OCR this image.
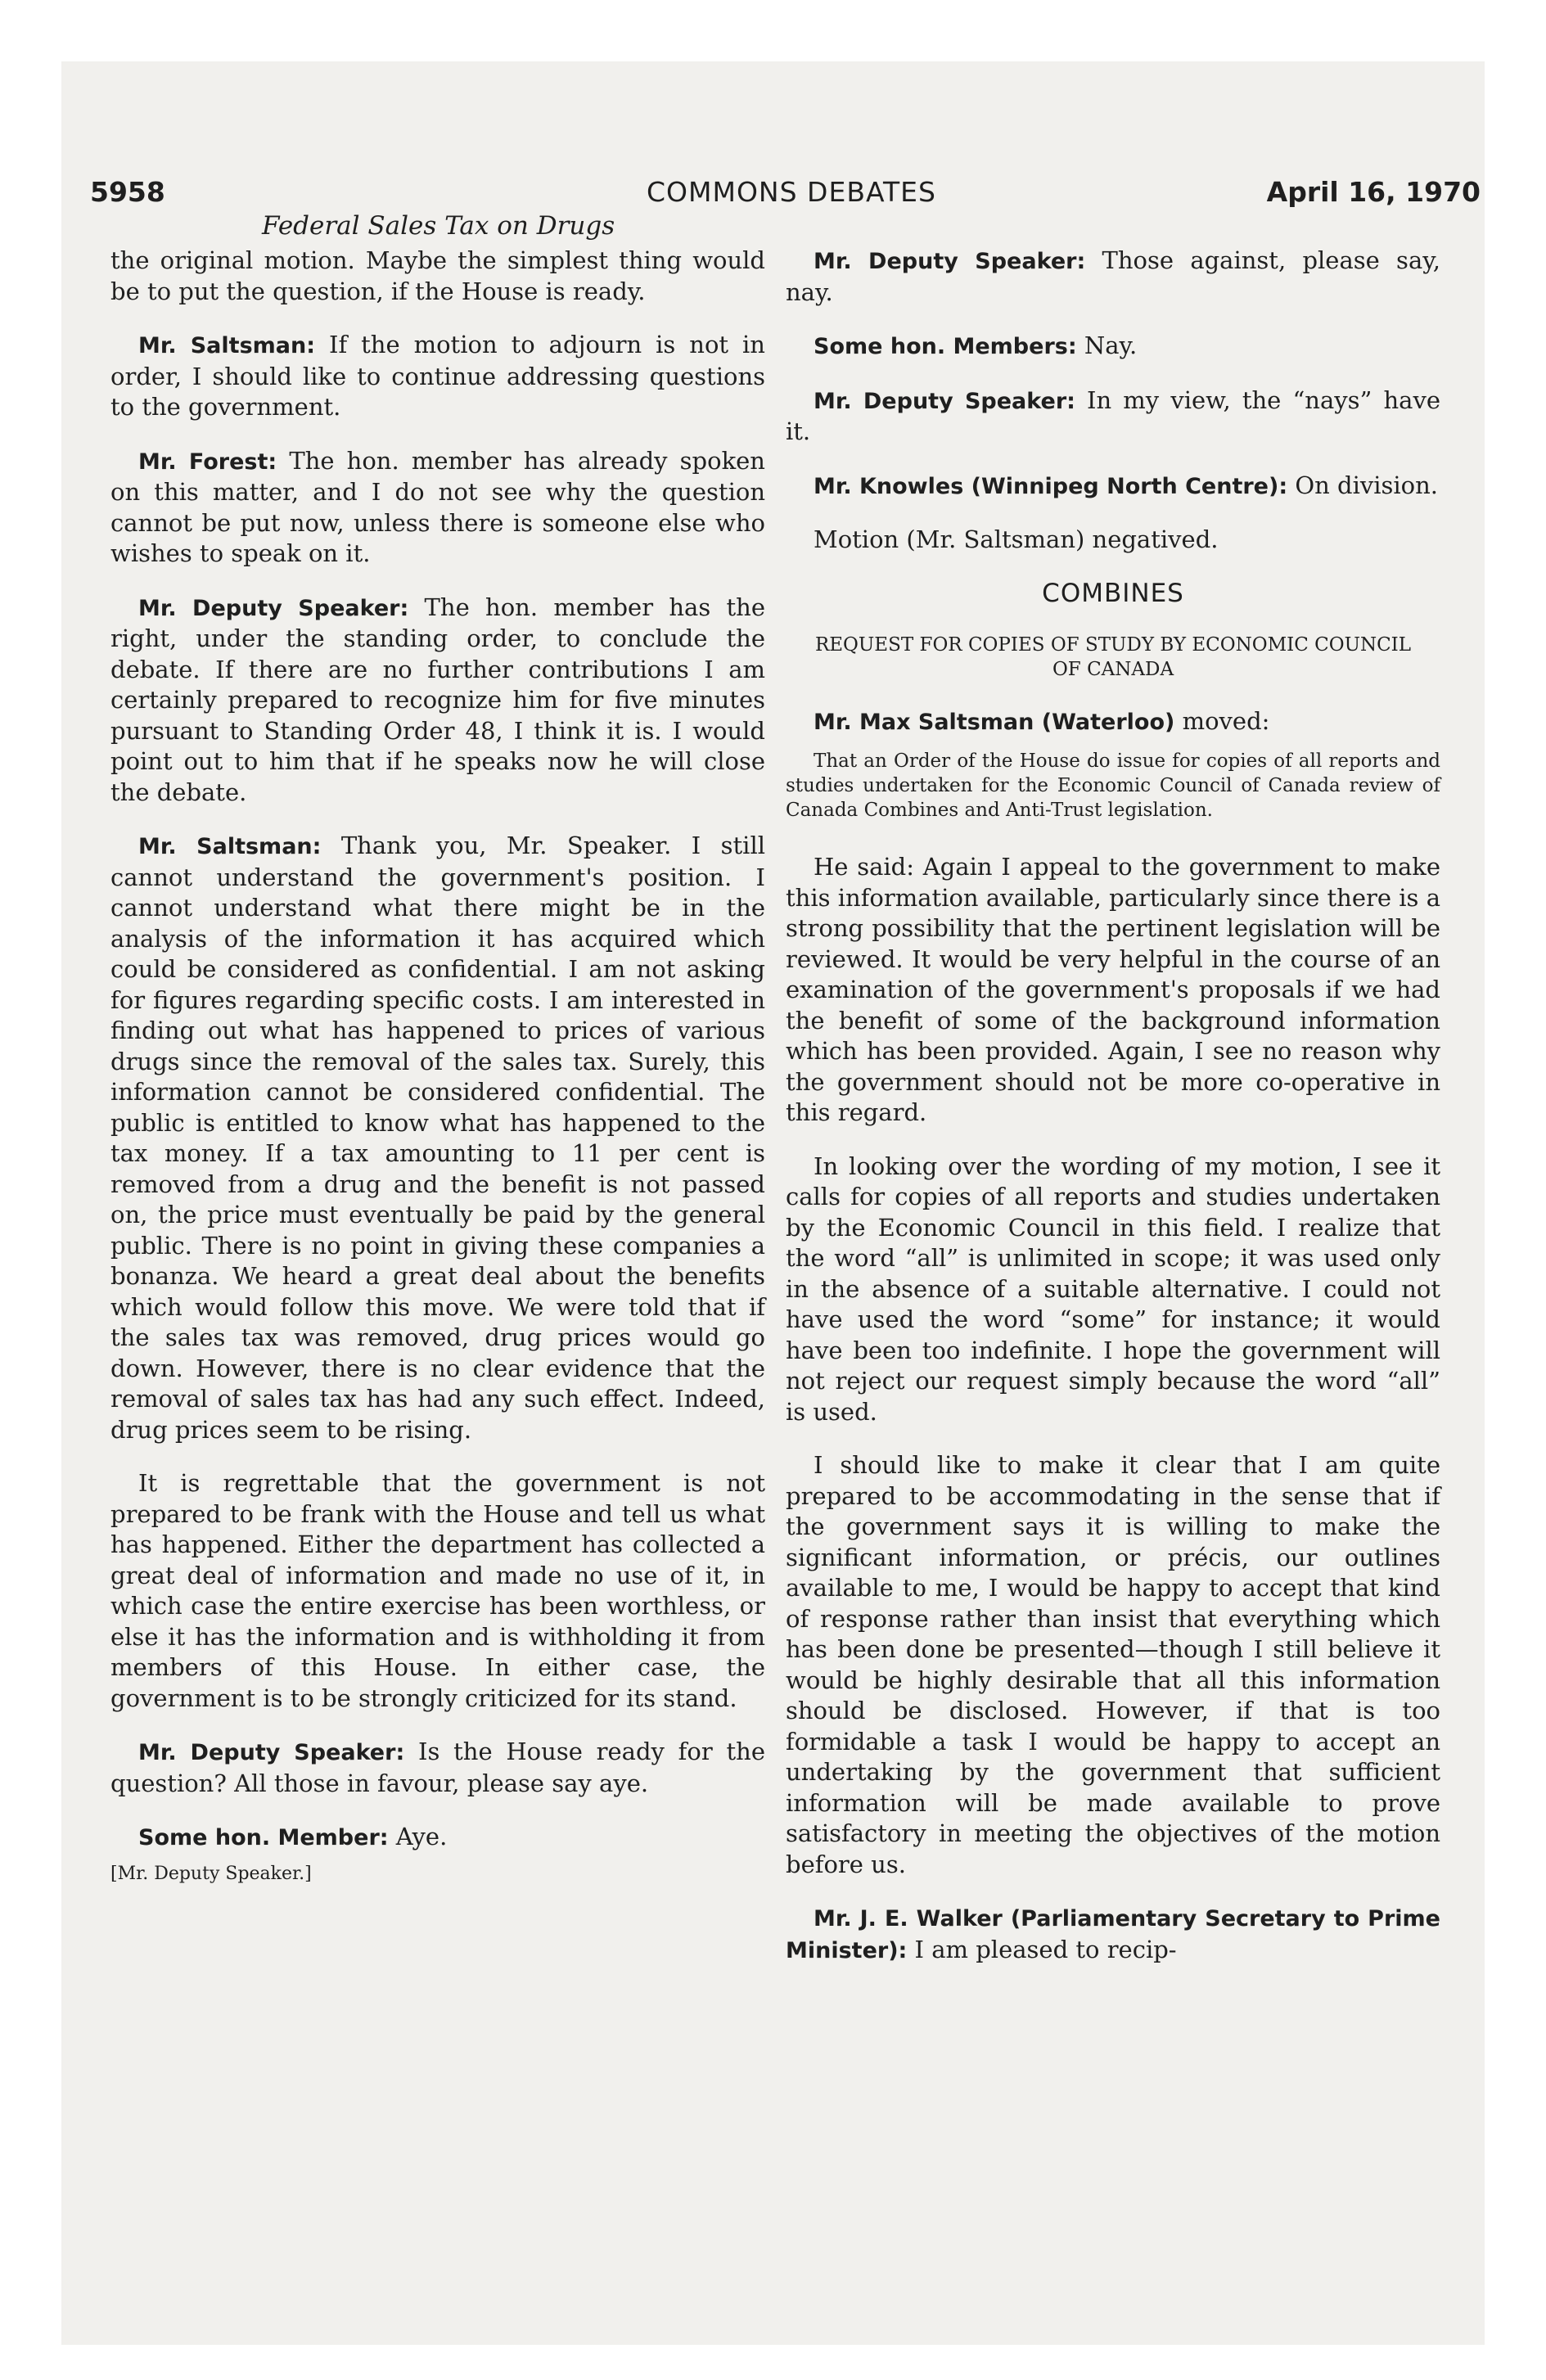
5958	COMMONS DEBATES	April 16, 1970
Federal Sales Tax on Drugs

the original motion. Maybe the simplest thing would be to put the question, if the House is ready.

Mr. Saltsman: If the motion to adjourn is not in order, I should like to continue addressing questions to the government.

Mr. Forest: The hon. member has already spoken on this matter, and I do not see why the question cannot be put now, unless there is someone else who wishes to speak on it.

Mr. Deputy Speaker: The hon. member has the right, under the standing order, to conclude the debate. If there are no further contributions I am certainly prepared to recognize him for five minutes pursuant to Standing Order 48, I think it is. I would point out to him that if he speaks now he will close the debate.

Mr. Saltsman: Thank you, Mr. Speaker. I still cannot understand the government's position. I cannot understand what there might be in the analysis of the information it has acquired which could be considered as confidential. I am not asking for figures regarding specific costs. I am interested in finding out what has happened to prices of various drugs since the removal of the sales tax. Surely, this information cannot be considered confidential. The public is entitled to know what has happened to the tax money. If a tax amounting to 11 per cent is removed from a drug and the benefit is not passed on, the price must eventually be paid by the general public. There is no point in giving these companies a bonanza. We heard a great deal about the benefits which would follow this move. We were told that if the sales tax was removed, drug prices would go down. However, there is no clear evidence that the removal of sales tax has had any such effect. Indeed, drug prices seem to be rising.

It is regrettable that the government is not prepared to be frank with the House and tell us what has happened. Either the department has collected a great deal of information and made no use of it, in which case the entire exercise has been worthless, or else it has the information and is withholding it from members of this House. In either case, the government is to be strongly criticized for its stand.

Mr. Deputy Speaker: Is the House ready for the question? All those in favour, please say aye.

Some hon. Member: Aye.

[Mr. Deputy Speaker.]

Mr. Deputy Speaker: Those against, please say, nay.

Some hon. Members: Nay.

Mr. Deputy Speaker: In my view, the “nays” have it.

Mr. Knowles (Winnipeg North Centre): On division.

Motion (Mr. Saltsman) negatived.

COMBINES
REQUEST FOR COPIES OF STUDY BY ECONOMIC COUNCIL OF CANADA

Mr. Max Saltsman (Waterloo) moved:

That an Order of the House do issue for copies of all reports and studies undertaken for the Economic Council of Canada review of Canada Combines and Anti-Trust legislation.

He said: Again I appeal to the government to make this information available, particularly since there is a strong possibility that the pertinent legislation will be reviewed. It would be very helpful in the course of an examination of the government's proposals if we had the benefit of some of the background information which has been provided. Again, I see no reason why the government should not be more co-operative in this regard.

In looking over the wording of my motion, I see it calls for copies of all reports and studies undertaken by the Economic Council in this field. I realize that the word “all” is unlimited in scope; it was used only in the absence of a suitable alternative. I could not have used the word “some” for instance; it would have been too indefinite. I hope the government will not reject our request simply because the word “all” is used.

I should like to make it clear that I am quite prepared to be accommodating in the sense that if the government says it is willing to make the significant information, or précis, our outlines available to me, I would be happy to accept that kind of response rather than insist that everything which has been done be presented—though I still believe it would be highly desirable that all this information should be disclosed. However, if that is too formidable a task I would be happy to accept an undertaking by the government that sufficient information will be made available to prove satisfactory in meeting the objectives of the motion before us.

Mr. J. E. Walker (Parliamentary Secretary to Prime Minister): I am pleased to recip-
